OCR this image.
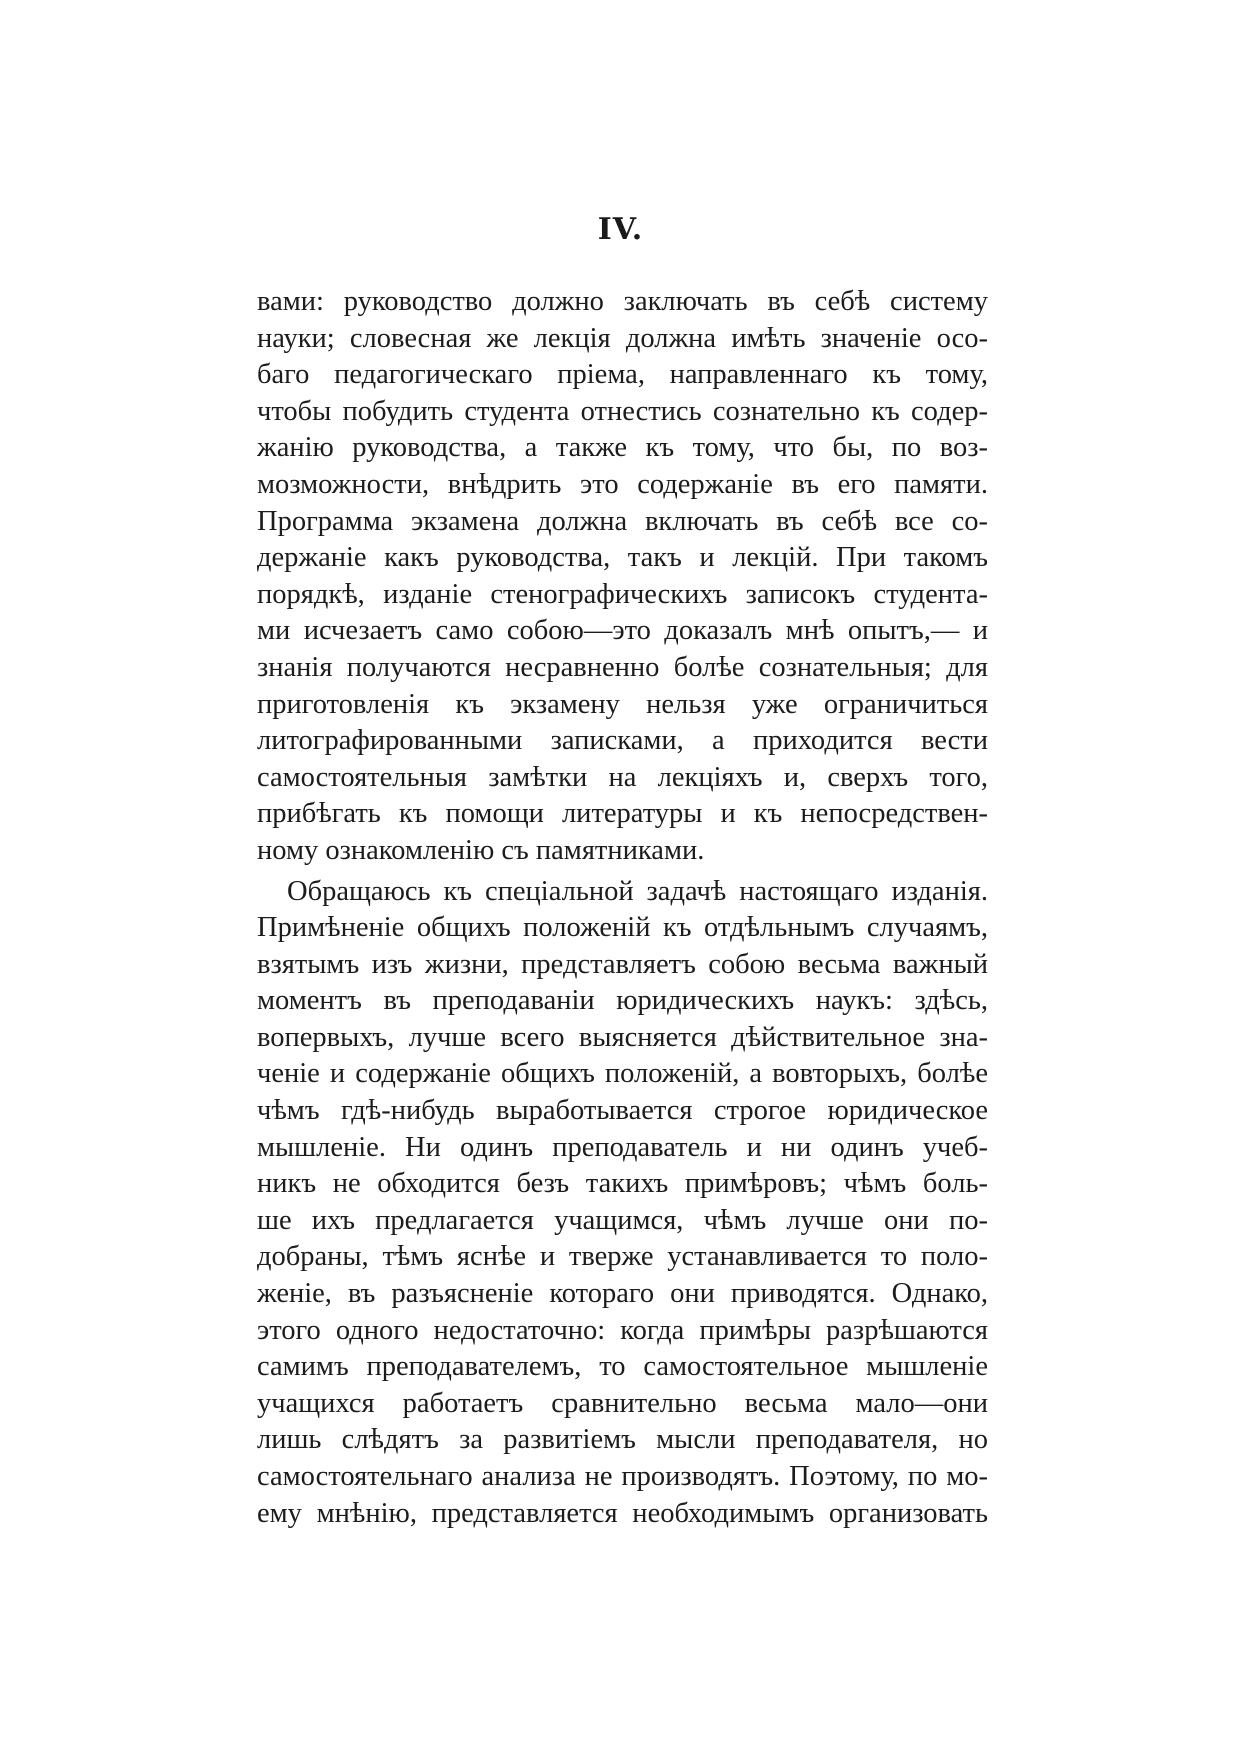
IV.
вами: руководство должно заключать въ себѣ систему
науки; словесная же лекція должна имѣть значеніе осо-
баго педагогическаго пріема, направленнаго къ тому,
чтобы побудить студента отнестись сознательно къ содер-
жанію руководства, а также къ тому, что бы, по воз-
мозможности, внѣдрить это содержаніе въ его памяти.
Программа экзамена должна включать въ себѣ все со-
держаніе какъ руководства, такъ и лекцій. При такомъ
порядкѣ, изданіе стенографическихъ записокъ студента-
ми исчезаетъ само собою—это доказалъ мнѣ опытъ,— и
знанія получаются несравненно болѣе сознательныя; для
приготовленія къ экзамену нельзя уже ограничиться
литографированными записками, а приходится вести
самостоятельныя замѣтки на лекціяхъ и, сверхъ того,
прибѣгать къ помощи литературы и къ непосредствен-
ному ознакомленію съ памятниками.
Обращаюсь къ спеціальной задачѣ настоящаго изданія.
Примѣненіе общихъ положеній къ отдѣльнымъ случаямъ,
взятымъ изъ жизни, представляетъ собою весьма важный
моментъ въ преподаваніи юридическихъ наукъ: здѣсь,
вопервыхъ, лучше всего выясняется дѣйствительное зна-
ченіе и содержаніе общихъ положеній, а вовторыхъ, болѣе
чѣмъ гдѣ-нибудь выработывается строгое юридическое
мышленіе. Ни одинъ преподаватель и ни одинъ учеб-
никъ не обходится безъ такихъ примѣровъ; чѣмъ боль-
ше ихъ предлагается учащимся, чѣмъ лучше они по-
добраны, тѣмъ яснѣе и тверже устанавливается то поло-
женіе, въ разъясненіе котораго они приводятся. Однако,
этого одного недостаточно: когда примѣры разрѣшаются
самимъ преподавателемъ, то самостоятельное мышленіе
учащихся работаетъ сравнительно весьма мало—они
лишь слѣдятъ за развитіемъ мысли преподавателя, но
самостоятельнаго анализа не производятъ. Поэтому, по мо-
ему мнѣнію, представляется необходимымъ организовать
